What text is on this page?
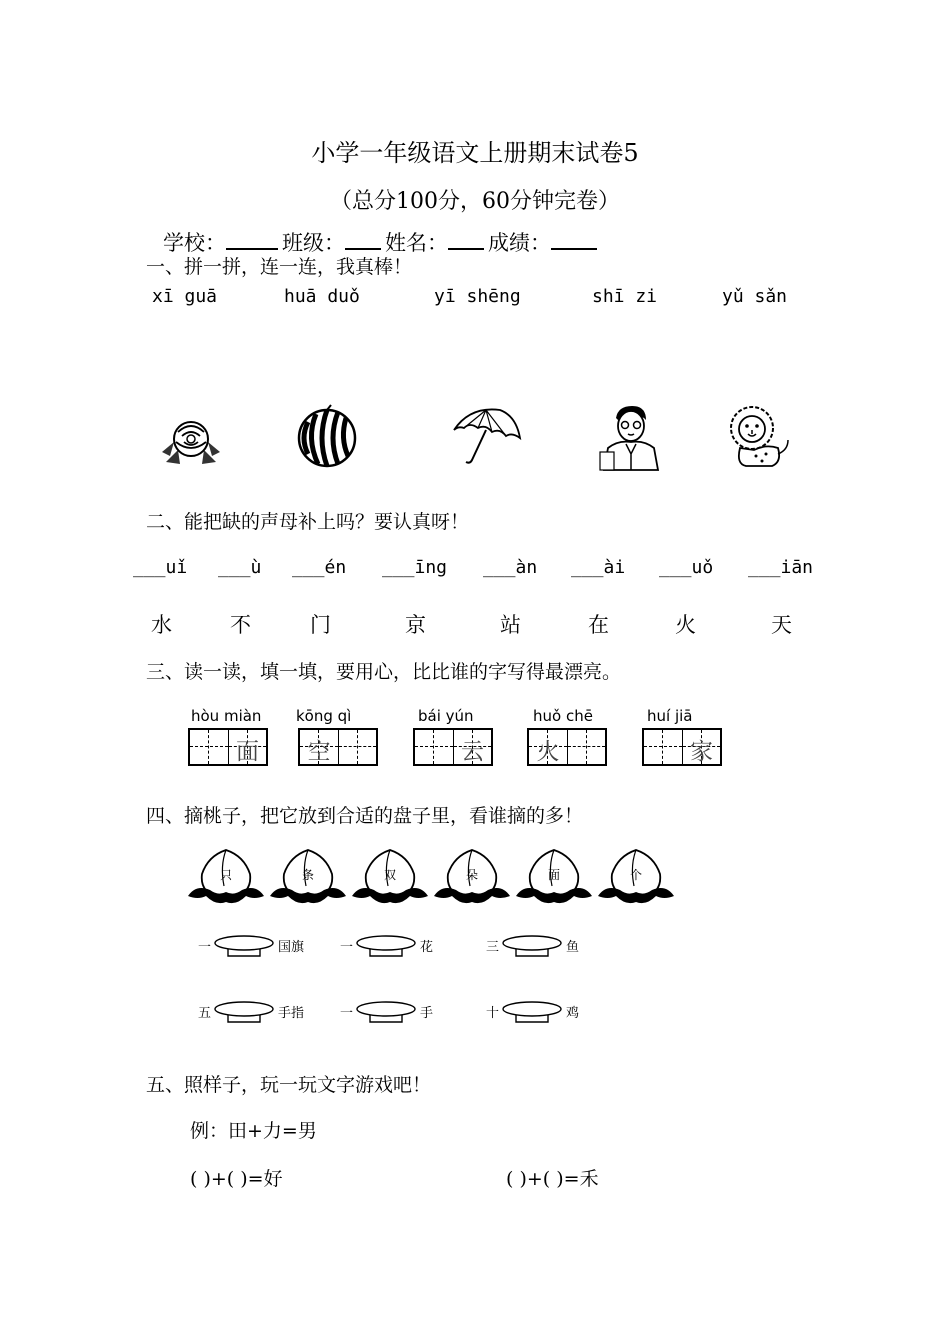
小学一年级语文上册期末试卷5
（总分100分，60分钟完卷）
学校：	班级： 姓名： 成绩：
一、拼一拼，连一连，我真棒！
xī guā	huā duǒ	yī shēng	shī zi	yǔ sǎn
二、能把缺的声母补上吗？要认真呀！
___uǐ ___ù ___én ___īng ___àn ___ài ___uǒ ___iān
水	不	门	京	站	在	火	天
三、读一读，填一填，要用心，比比谁的字写得最漂亮。
hòu miàn kōng qì	bái yún	huǒ chē	huí jiā
面	空	云	火	家
四、摘桃子，把它放到合适的盘子里，看谁摘的多！
只	条	双	朵	面	个
一	国旗	一	花	三	鱼
五	手指	一	手	十	鸡
五、照样子，玩一玩文字游戏吧！
例：田+力=男
( )+( )=好	( )+( )=禾
